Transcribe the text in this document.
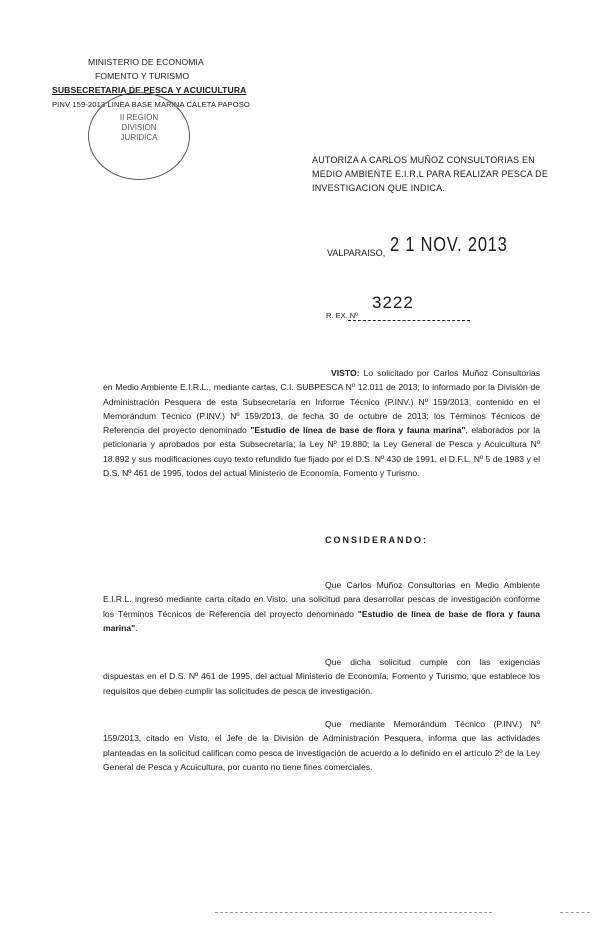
MINISTERIO DE ECONOMIA
FOMENTO Y TURISMO
SUBSECRETARIA DE PESCA Y ACUICULTURA
PINV 159-2013 LINEA BASE MARINA CALETA PAPOSO
II REGION
DIVISION
JURIDICA
AUTORIZA A CARLOS MUÑOZ CONSULTORIAS EN MEDIO AMBIENTE E.I.R.L PARA REALIZAR PESCA DE INVESTIGACION QUE INDICA.
VALPARAISO, 2 1 NOV. 2013
R. EX. Nº
3222
VISTO: Lo solicitado por Carlos Muñoz Consultorias en Medio Ambiente E.I.R.L., mediante cartas, C.I. SUBPESCA Nº 12.011 de 2013; lo informado por la División de Administración Pesquera de esta Subsecretaría en Informe Técnico (P.INV.) Nº 159/2013, contenido en el Memorándum Técnico (P.INV.) Nº 159/2013, de fecha 30 de octubre de 2013; los Términos Técnicos de Referencia del proyecto denominado "Estudio de línea de base de flora y fauna marina", elaborados por la peticionaria y aprobados por esta Subsecretaría; la Ley Nº 19.880; la Ley General de Pesca y Acuicultura Nº 18.892 y sus modificaciones cuyo texto refundido fue fijado por el D.S. Nº 430 de 1991, el D.F.L. Nº 5 de 1983 y el D.S. Nº 461 de 1995, todos del actual Ministerio de Economía, Fomento y Turismo.
CONSIDERANDO:
Que Carlos Muñoz Consultorias en Medio Ambiente E.I.R.L. ingresó mediante carta citado en Visto, una solicitud para desarrollar pescas de investigación conforme los Términos Técnicos de Referencia del proyecto denominado "Estudio de línea de base de flora y fauna marina".
Que dicha solicitud cumple con las exigencias dispuestas en el D.S. Nº 461 de 1995, del actual Ministerio de Economía, Fomento y Turismo, que establece los requisitos que deben cumplir las solicitudes de pesca de investigación.
Que mediante Memorándum Técnico (P.INV.) Nº 159/2013, citado en Visto, el Jefe de la División de Administración Pesquera, informa que las actividades planteadas en la solicitud califican como pesca de investigación de acuerdo a lo definido en el artículo 2º de la Ley General de Pesca y Acuicultura, por cuanto no tiene fines comerciales.
